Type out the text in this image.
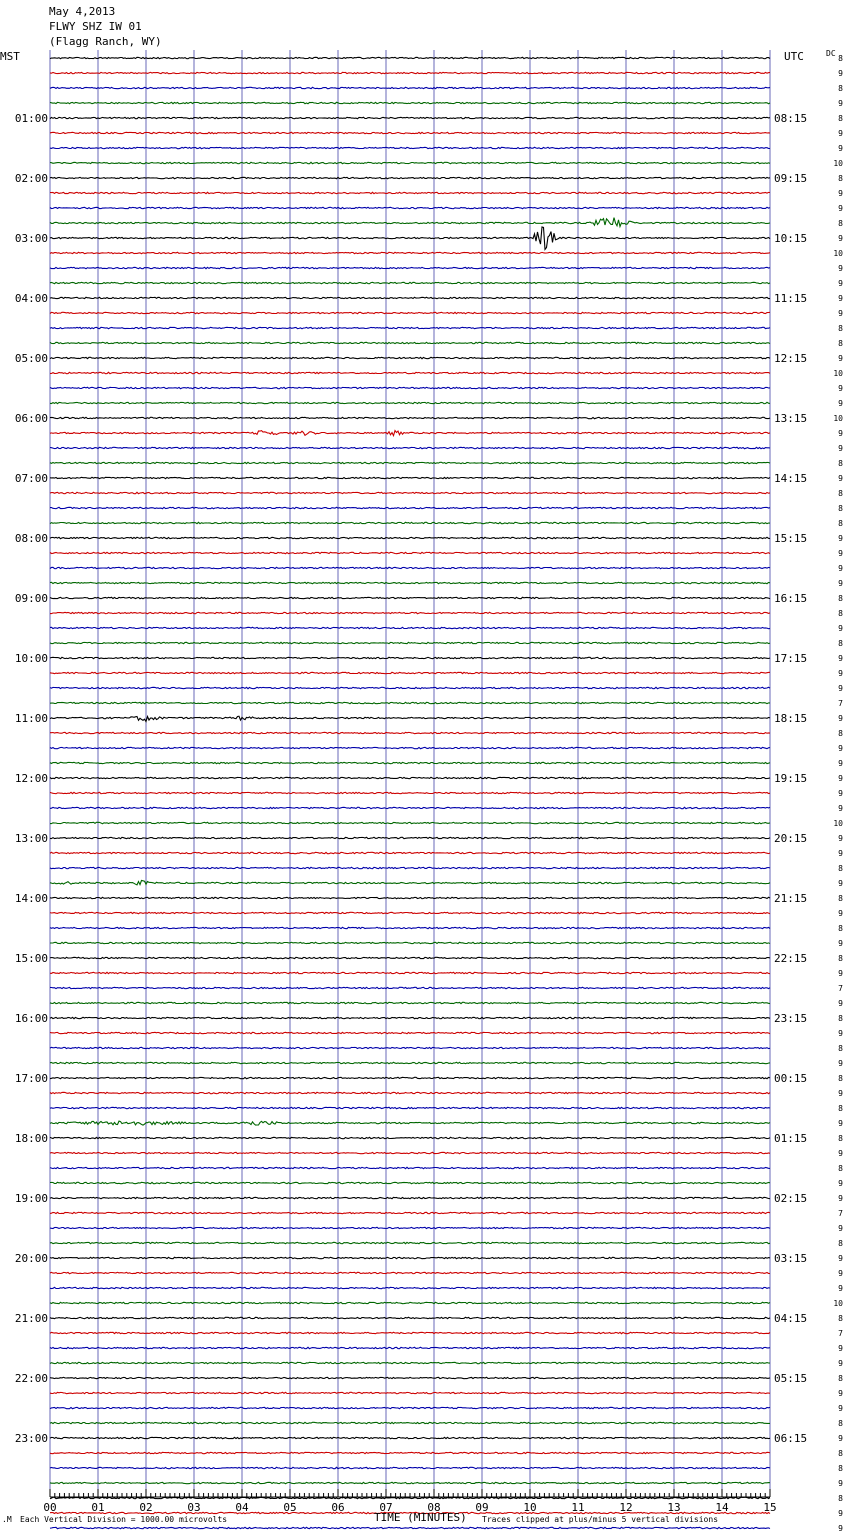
May 4,2013
FLWY SHZ IW 01
(Flagg Ranch, WY)
MST	UTC	DC
00	01	02	03	04	05	06	07	08	09	10	11	12	13	14	15
8
9
8
9
8
9
9
10
8
9
9
8
9
10
9
9
9
9
8
8
9
10
9
9
10
9
9
8
9
8
8
8
9
9
9
9
8
8
9
8
9
9
9
7
9
8
9
9
9
9
9
10
9
9
8
9
8
9
8
9
8
9
7
9
8
9
8
9
8
9
8
9
8
9
8
9
9
7
9
8
9
9
9
10
8
7
9
9
8
9
9
8
9
8
8
9
8
9
9
01:00	08:15
02:00	09:15
03:00	10:15
04:00	11:15
05:00	12:15
06:00	13:15
07:00	14:15
08:00	15:15
09:00	16:15
10:00	17:15
11:00	18:15
12:00	19:15
13:00	20:15
14:00	21:15
15:00	22:15
16:00	23:15
17:00	00:15
18:00	01:15
19:00	02:15
20:00	03:15
21:00	04:15
22:00	05:15
23:00	06:15
.M Each Vertical Division = 1000.00 microvolts	TIME (MINUTES) Traces clipped at plus/minus 5 vertical divisions
